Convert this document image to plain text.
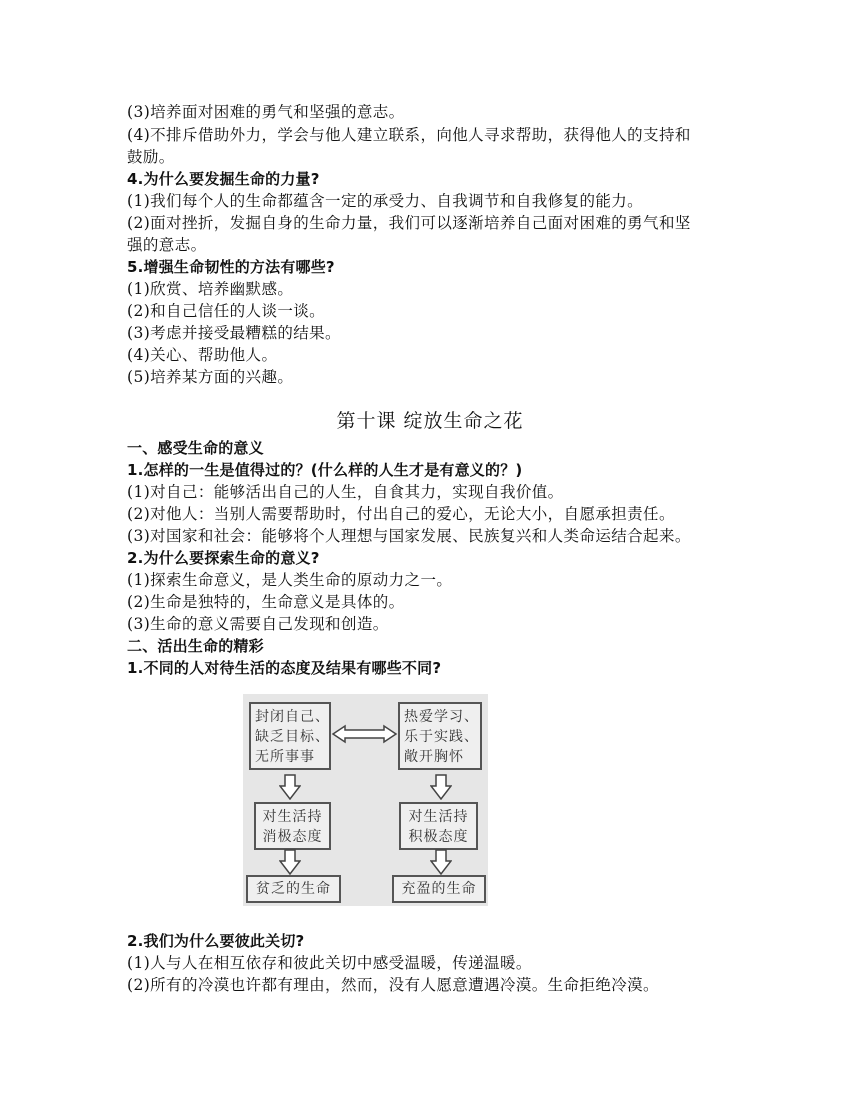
(3)培养面对困难的勇气和坚强的意志。
(4)不排斥借助外力，学会与他人建立联系，向他人寻求帮助，获得他人的支持和
鼓励。
4.为什么要发掘生命的力量?
(1)我们每个人的生命都蕴含一定的承受力、自我调节和自我修复的能力。
(2)面对挫折，发掘自身的生命力量，我们可以逐渐培养自己面对困难的勇气和坚
强的意志。
5.增强生命韧性的方法有哪些?
(1)欣赏、培养幽默感。
(2)和自己信任的人谈一谈。
(3)考虑并接受最糟糕的结果。
(4)关心、帮助他人。
(5)培养某方面的兴趣。
第十课 绽放生命之花
一、感受生命的意义
1.怎样的一生是值得过的？(什么样的人生才是有意义的？)
(1)对自己：能够活出自己的人生，自食其力，实现自我价值。
(2)对他人：当别人需要帮助时，付出自己的爱心，无论大小，自愿承担责任。
(3)对国家和社会：能够将个人理想与国家发展、民族复兴和人类命运结合起来。
2.为什么要探索生命的意义?
(1)探索生命意义，是人类生命的原动力之一。
(2)生命是独特的，生命意义是具体的。
(3)生命的意义需要自己发现和创造。
二、活出生命的精彩
1.不同的人对待生活的态度及结果有哪些不同?
封闭自己、
缺乏目标、
无所事事
热爱学习、
乐于实践、
敞开胸怀
对生活持
消极态度
对生活持
积极态度
贫乏的生命	充盈的生命
2.我们为什么要彼此关切?
(1)人与人在相互依存和彼此关切中感受温暖，传递温暖。
(2)所有的冷漠也许都有理由，然而，没有人愿意遭遇冷漠。生命拒绝冷漠。
